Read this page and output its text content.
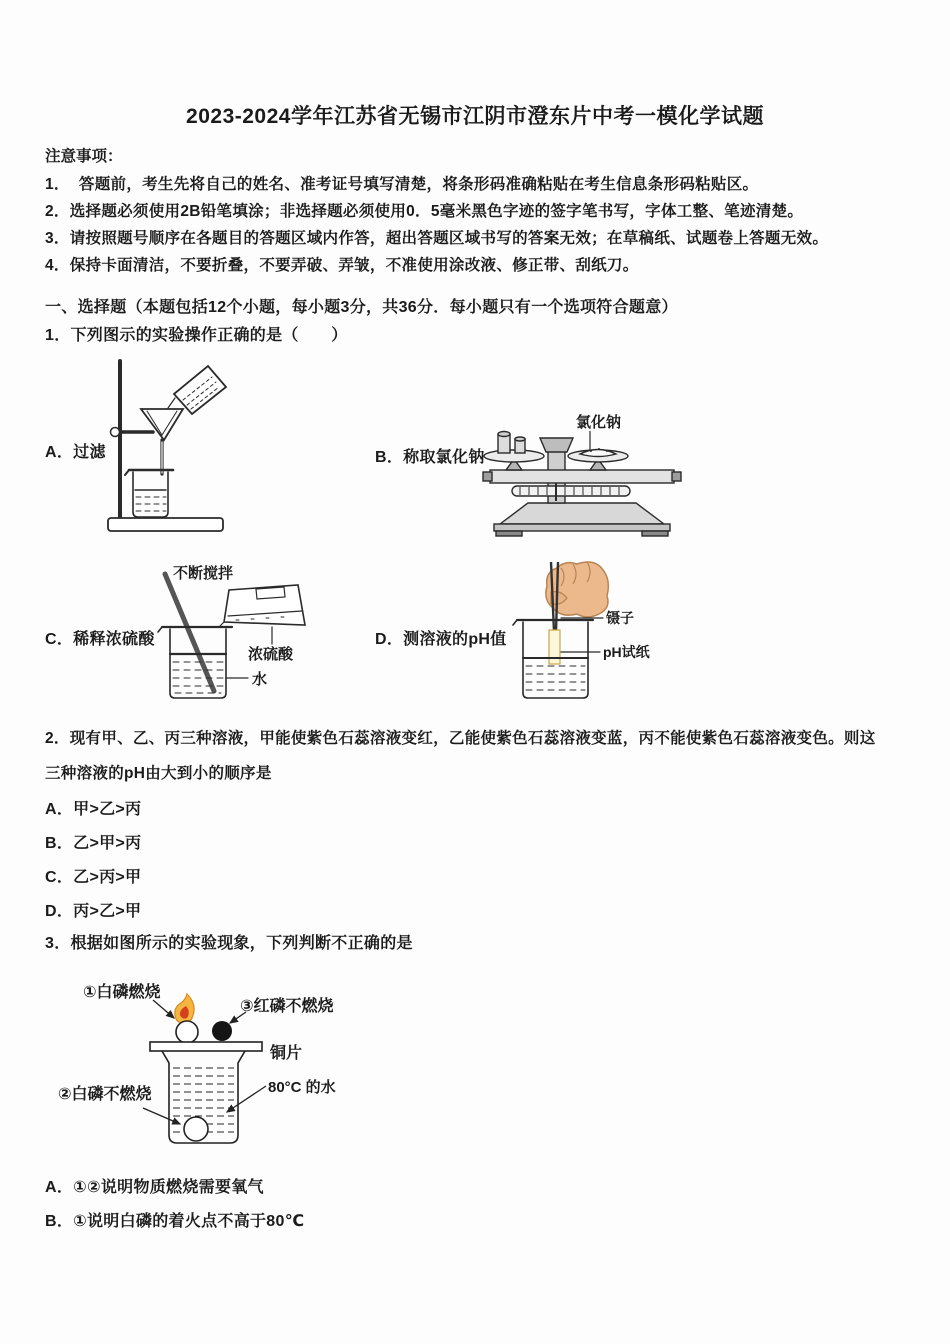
2023-2024学年江苏省无锡市江阴市澄东片中考一模化学试题
注意事项：
1．  答题前，考生先将自己的姓名、准考证号填写清楚，将条形码准确粘贴在考生信息条形码粘贴区。
2．选择题必须使用2B铅笔填涂；非选择题必须使用0．5毫米黑色字迹的签字笔书写，字体工整、笔迹清楚。
3．请按照题号顺序在各题目的答题区域内作答，超出答题区域书写的答案无效；在草稿纸、试题卷上答题无效。
4．保持卡面清洁，不要折叠，不要弄破、弄皱，不准使用涂改液、修正带、刮纸刀。
一、选择题（本题包括12个小题，每小题3分，共36分．每小题只有一个选项符合题意）
1．下列图示的实验操作正确的是（　　）
A．过滤
氯化钠
B．称取氯化钠
不断搅拌
浓硫酸
水
C．稀释浓硫酸
镊子
pH试纸
D．测溶液的pH值
2．现有甲、乙、丙三种溶液，甲能使紫色石蕊溶液变红，乙能使紫色石蕊溶液变蓝，丙不能使紫色石蕊溶液变色。则这
三种溶液的pH由大到小的顺序是
A．甲>乙>丙
B．乙>甲>丙
C．乙>丙>甲
D．丙>乙>甲
3．根据如图所示的实验现象，下列判断不正确的是
①白磷燃烧
③红磷不燃烧
铜片
②白磷不燃烧	80°C 的水
A．①②说明物质燃烧需要氧气
B．①说明白磷的着火点不高于80℃
